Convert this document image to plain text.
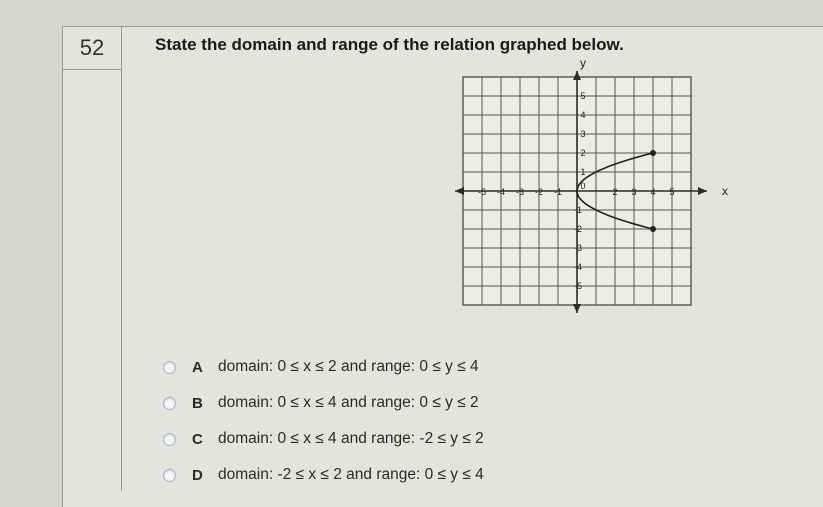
52	State the domain and range of the relation graphed below.
x
y
-5 -4 -3 -2 -1	2 3 4 5
0
5
4
3
2
1
-1
-2
-3
-4
-5
A domain: 0 ≤ x ≤ 2 and range: 0 ≤ y ≤ 4
B domain: 0 ≤ x ≤ 4 and range: 0 ≤ y ≤ 2
C domain: 0 ≤ x ≤ 4 and range: -2 ≤ y ≤ 2
D domain: -2 ≤ x ≤ 2 and range: 0 ≤ y ≤ 4
